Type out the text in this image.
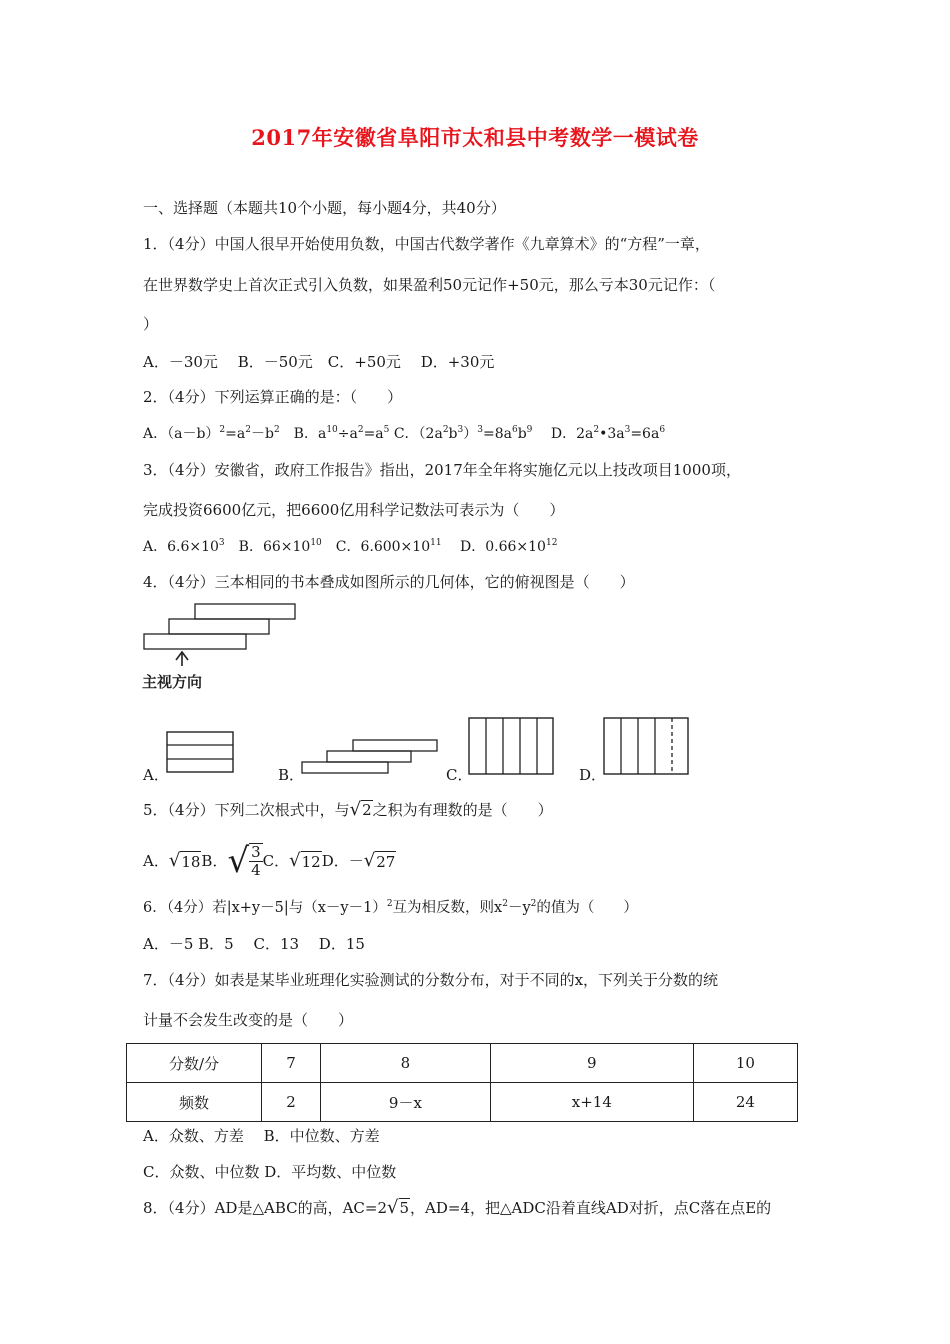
2017年安徽省阜阳市太和县中考数学一模试卷
一、选择题（本题共10个小题，每小题4分，共40分）
1．（4分）中国人很早开始使用负数，中国古代数学著作《九章算术》的“方程”一章，
在世界数学史上首次正式引入负数，如果盈利50元记作+50元，那么亏本30元记作：（
）
A．－30元　 B．－50元　C．+50元　 D．+30元
2．（4分）下列运算正确的是：（　　）
A．$(a-b)^2=a^2-b^2$　B．$a^{10}\div a^2=a^5$ C．$(2a^2b^3)^3=8a^6b^9$　 D．$2a^2•3a^3=6a^6$
3．（4分）安徽省，政府工作报告》指出，2017年全年将实施亿元以上技改项目1000项，
完成投资6600亿元，把6600亿用科学记数法可表示为（　　）
A．$6.6\times 10^3$　B．$66\times 10^{10}$　C．$6.600\times 10^{11}$　 D．$0.66\times 10^{12}$
4．（4分）三本相同的书本叠成如图所示的几何体，它的俯视图是（　　）
主视方向
A．	B．	C．	D．
5．（4分）下列二次根式中，与√2之积为有理数的是（　　）
A． √ 18 B． √ $\frac{3}{4}$ C． √ 12 D．－ √ 27
6．（4分）若|x+y－5|与$(x-y-1)^2$互为相反数，则$x^2-y^2$的值为（　　）
A．－5 B．5　 C．13　 D．15
7．（4分）如表是某毕业班理化实验测试的分数分布，对于不同的x，下列关于分数的统
计量不会发生改变的是（　　）
分数/分	7	8	9	10
频数	2	9－x	x+14	24
A．众数、方差　 B．中位数、方差
C．众数、中位数 D．平均数、中位数
8．（4分）AD是△ABC的高，AC=2√5，AD=4，把△ADC沿着直线AD对折，点C落在点E的
